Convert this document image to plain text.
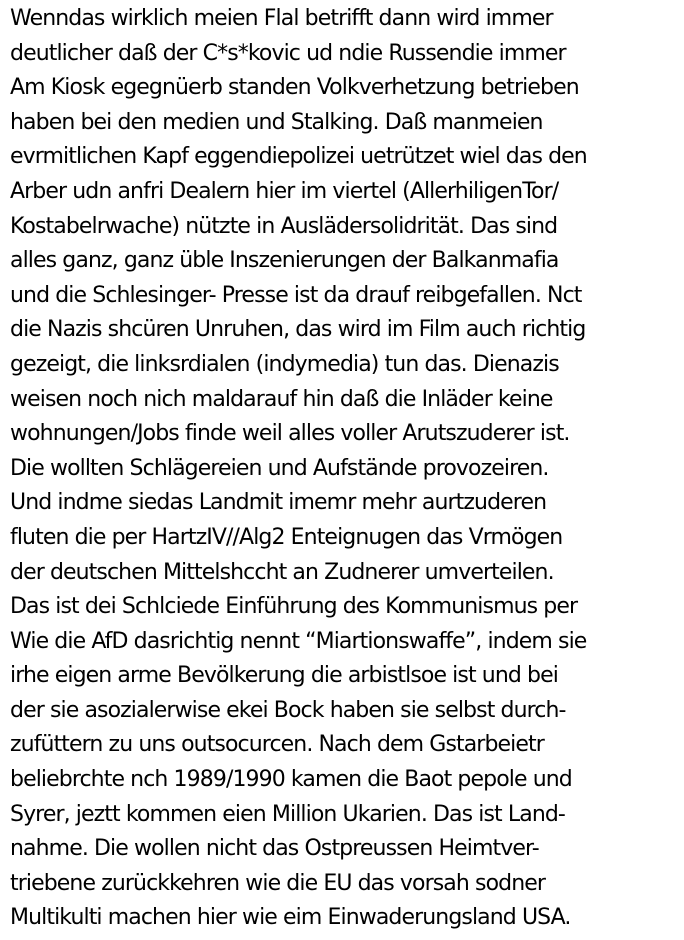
Wenndas wirklich meien Flal betrifft dann wird immer
deutlicher daß der C*s*kovic ud ndie Russendie immer
Am Kiosk egegnüerb standen Volkverhetzung betrieben
haben bei den medien und Stalking. Daß manmeien
evrmitlichen Kapf eggendiepolizei uetrützet wiel das den
Arber udn anfri Dealern hier im viertel (AllerhiligenTor/
Kostabelrwache) nützte in Auslädersolidrität. Das sind
alles ganz, ganz üble Inszenierungen der Balkanmafia
und die Schlesinger- Presse ist da drauf reibgefallen. Nct
die Nazis shcüren Unruhen, das wird im Film auch richtig
gezeigt, die linksrdialen (indymedia) tun das. Dienazis
weisen noch nich maldarauf hin daß die Inläder keine
wohnungen/Jobs finde weil alles voller Arutszuderer ist.
Die wollten Schlägereien und Aufstände provozeiren.
Und indme siedas Landmit imemr mehr aurtzuderen
fluten die per HartzIV//Alg2 Enteignugen das Vrmögen
der deutschen Mittelshccht an Zudnerer umverteilen.
Das ist dei Schlciede Einführung des Kommunismus per
Wie die AfD dasrichtig nennt “Miartionswaffe”, indem sie
irhe eigen arme Bevölkerung die arbistlsoe ist und bei
der sie asozialerwise ekei Bock haben sie selbst durch-
zufüttern zu uns outsocurcen. Nach dem Gstarbeietr
beliebrchte nch 1989/1990 kamen die Baot pepole und
Syrer, jeztt kommen eien Million Ukarien. Das ist Land-
nahme. Die wollen nicht das Ostpreussen Heimtver-
triebene zurückkehren wie die EU das vorsah sodner
Multikulti machen hier wie eim Einwaderungsland USA.
